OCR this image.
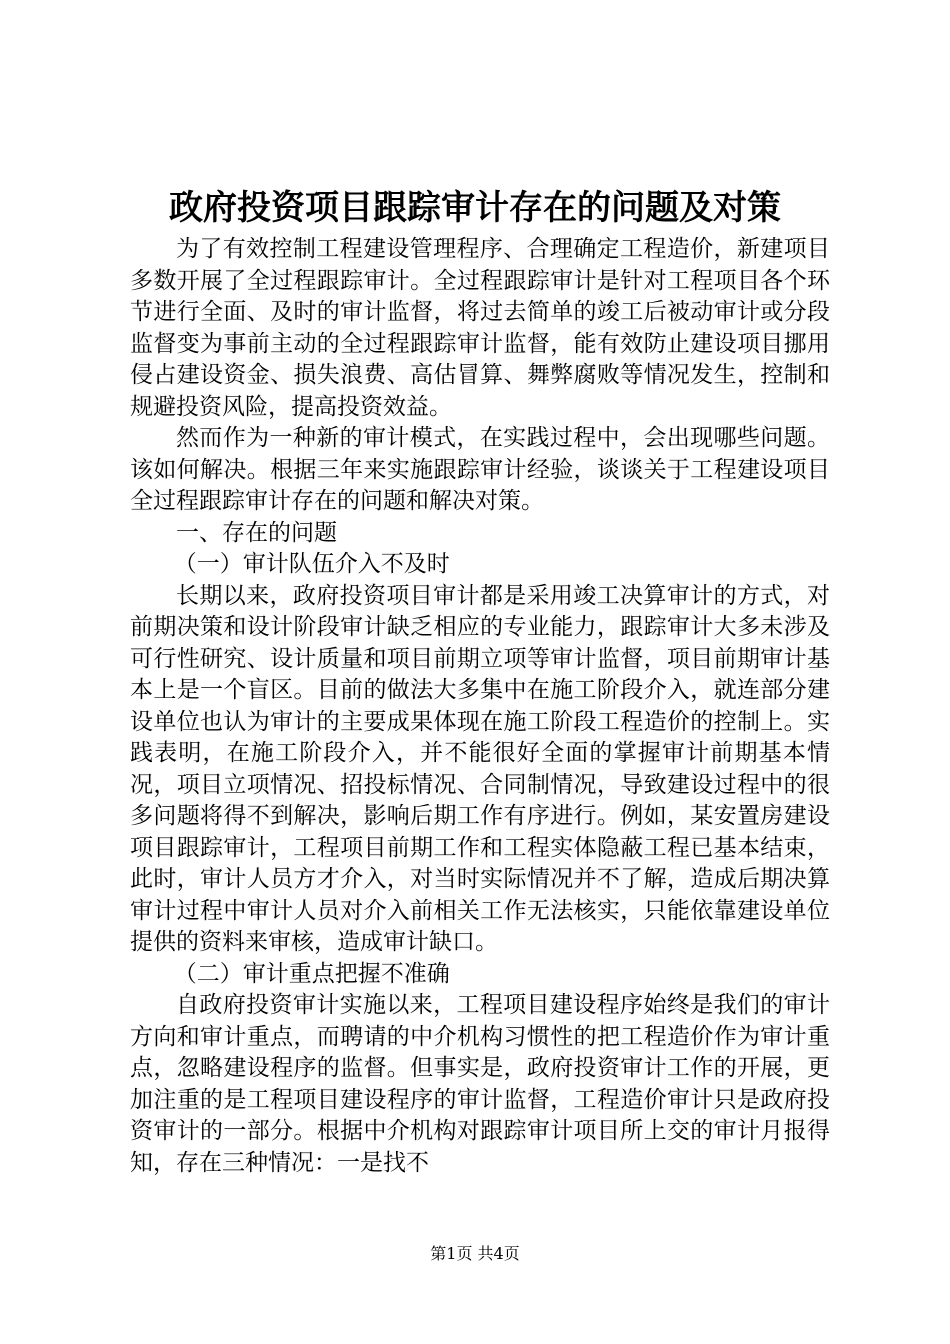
政府投资项目跟踪审计存在的问题及对策

为了有效控制工程建设管理程序、合理确定工程造价，新建项目多数开展了全过程跟踪审计。全过程跟踪审计是针对工程项目各个环节进行全面、及时的审计监督，将过去简单的竣工后被动审计或分段监督变为事前主动的全过程跟踪审计监督，能有效防止建设项目挪用侵占建设资金、损失浪费、高估冒算、舞弊腐败等情况发生，控制和规避投资风险，提高投资效益。

然而作为一种新的审计模式，在实践过程中，会出现哪些问题。该如何解决。根据三年来实施跟踪审计经验，谈谈关于工程建设项目全过程跟踪审计存在的问题和解决对策。

一、存在的问题

（一）审计队伍介入不及时

长期以来，政府投资项目审计都是采用竣工决算审计的方式，对前期决策和设计阶段审计缺乏相应的专业能力，跟踪审计大多未涉及可行性研究、设计质量和项目前期立项等审计监督，项目前期审计基本上是一个盲区。目前的做法大多集中在施工阶段介入，就连部分建设单位也认为审计的主要成果体现在施工阶段工程造价的控制上。实践表明，在施工阶段介入，并不能很好全面的掌握审计前期基本情况，项目立项情况、招投标情况、合同制情况，导致建设过程中的很多问题将得不到解决，影响后期工作有序进行。例如，某安置房建设项目跟踪审计，工程项目前期工作和工程实体隐蔽工程已基本结束，此时，审计人员方才介入，对当时实际情况并不了解，造成后期决算审计过程中审计人员对介入前相关工作无法核实，只能依靠建设单位提供的资料来审核，造成审计缺口。

（二）审计重点把握不准确

自政府投资审计实施以来，工程项目建设程序始终是我们的审计方向和审计重点，而聘请的中介机构习惯性的把工程造价作为审计重点，忽略建设程序的监督。但事实是，政府投资审计工作的开展，更加注重的是工程项目建设程序的审计监督，工程造价审计只是政府投资审计的一部分。根据中介机构对跟踪审计项目所上交的审计月报得知，存在三种情况：一是找不

第1页 共4页
